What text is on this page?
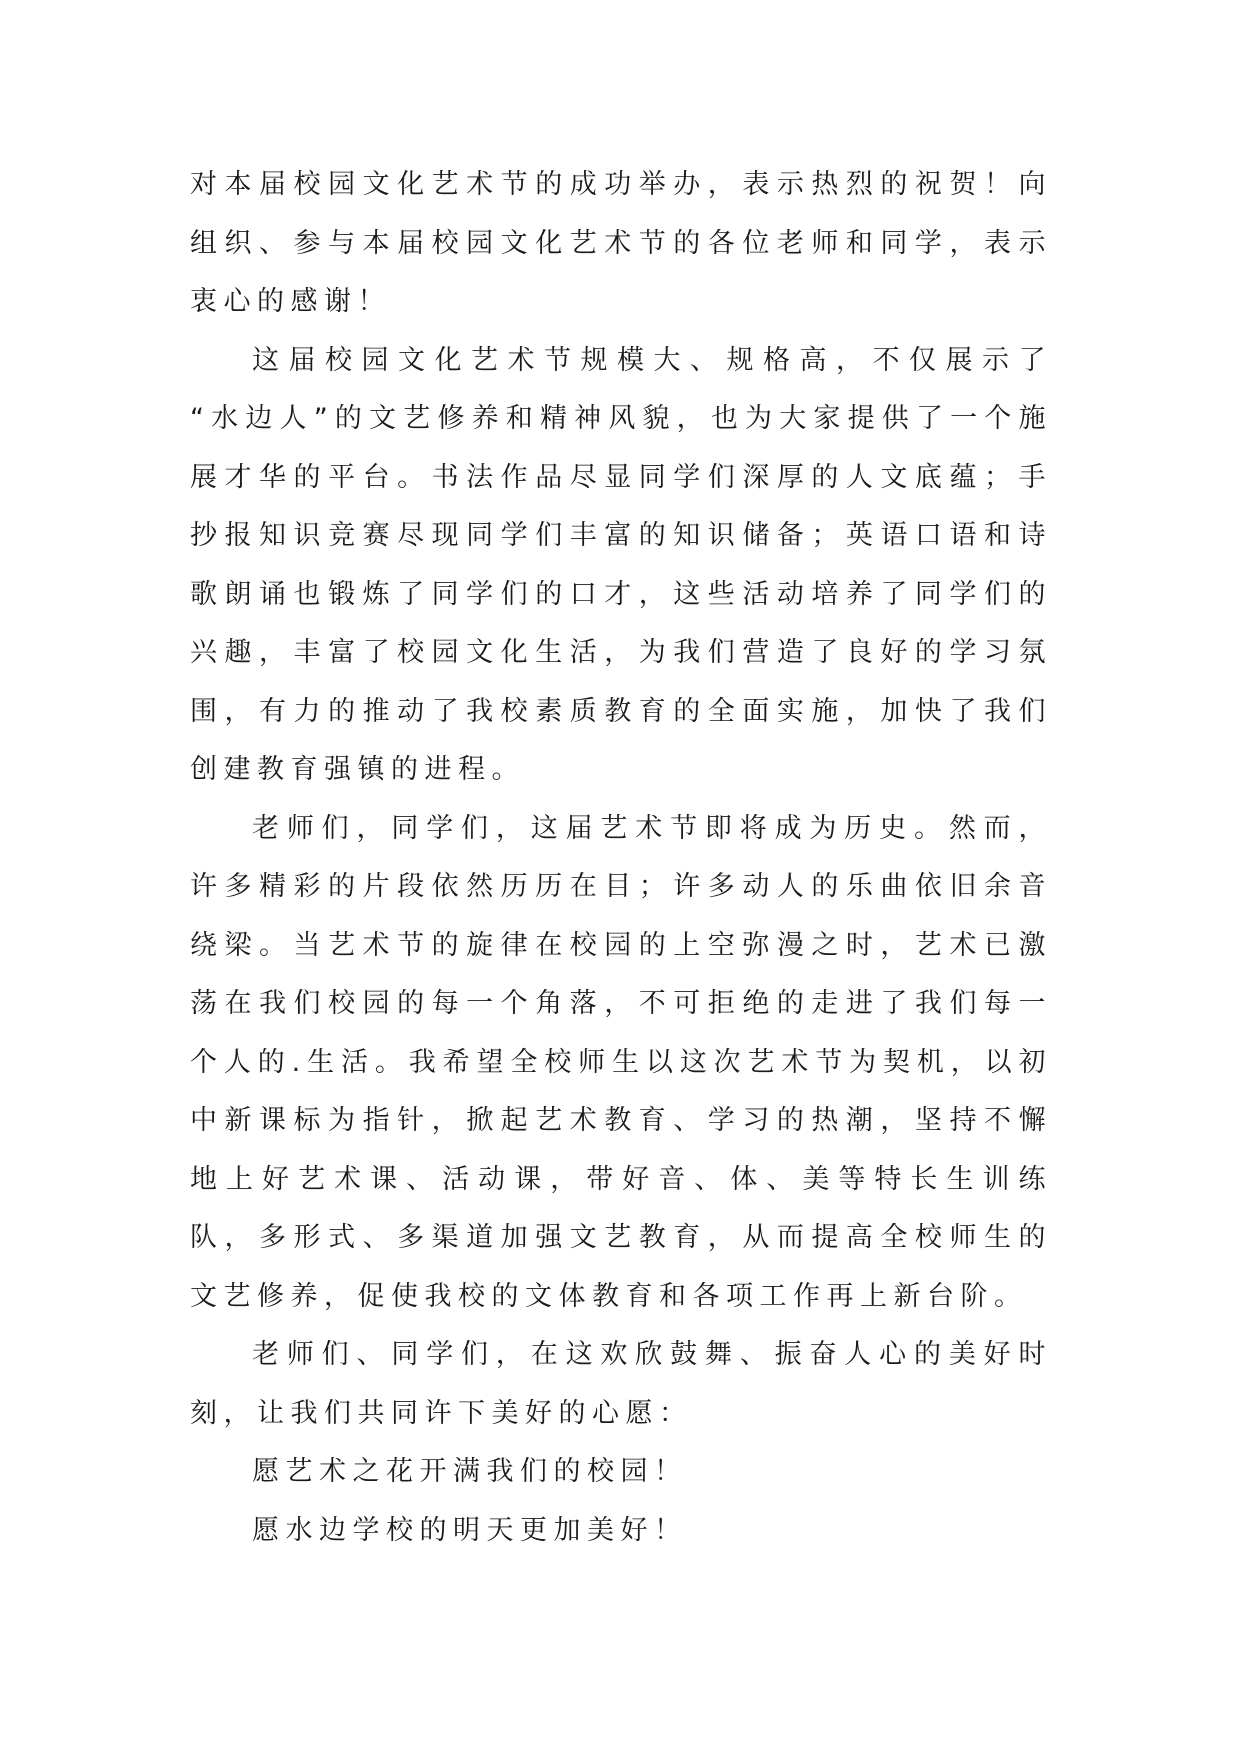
对本届校园文化艺术节的成功举办，表示热烈的祝贺！向组织、参与本届校园文化艺术节的各位老师和同学，表示衷心的感谢！

这届校园文化艺术节规模大、规格高，不仅展示了 “水边人”的文艺修养和精神风貌，也为大家提供了一个施展才华的平台。书法作品尽显同学们深厚的人文底蕴；手抄报知识竞赛尽现同学们丰富的知识储备；英语口语和诗歌朗诵也锻炼了同学们的口才，这些活动培养了同学们的兴趣，丰富了校园文化生活，为我们营造了良好的学习氛围，有力的推动了我校素质教育的全面实施，加快了我们创建教育强镇的进程。

老师们，同学们，这届艺术节即将成为历史。然而，许多精彩的片段依然历历在目；许多动人的乐曲依旧余音绕梁。当艺术节的旋律在校园的上空弥漫之时，艺术已激荡在我们校园的每一个角落，不可拒绝的走进了我们每一个人的.生活。我希望全校师生以这次艺术节为契机，以初中新课标为指针，掀起艺术教育、学习的热潮，坚持不懈地上好艺术课、活动课，带好音、体、美等特长生训练队，多形式、多渠道加强文艺教育，从而提高全校师生的文艺修养，促使我校的文体教育和各项工作再上新台阶。

老师们、同学们，在这欢欣鼓舞、振奋人心的美好时刻，让我们共同许下美好的心愿：

愿艺术之花开满我们的校园！

愿水边学校的明天更加美好！
